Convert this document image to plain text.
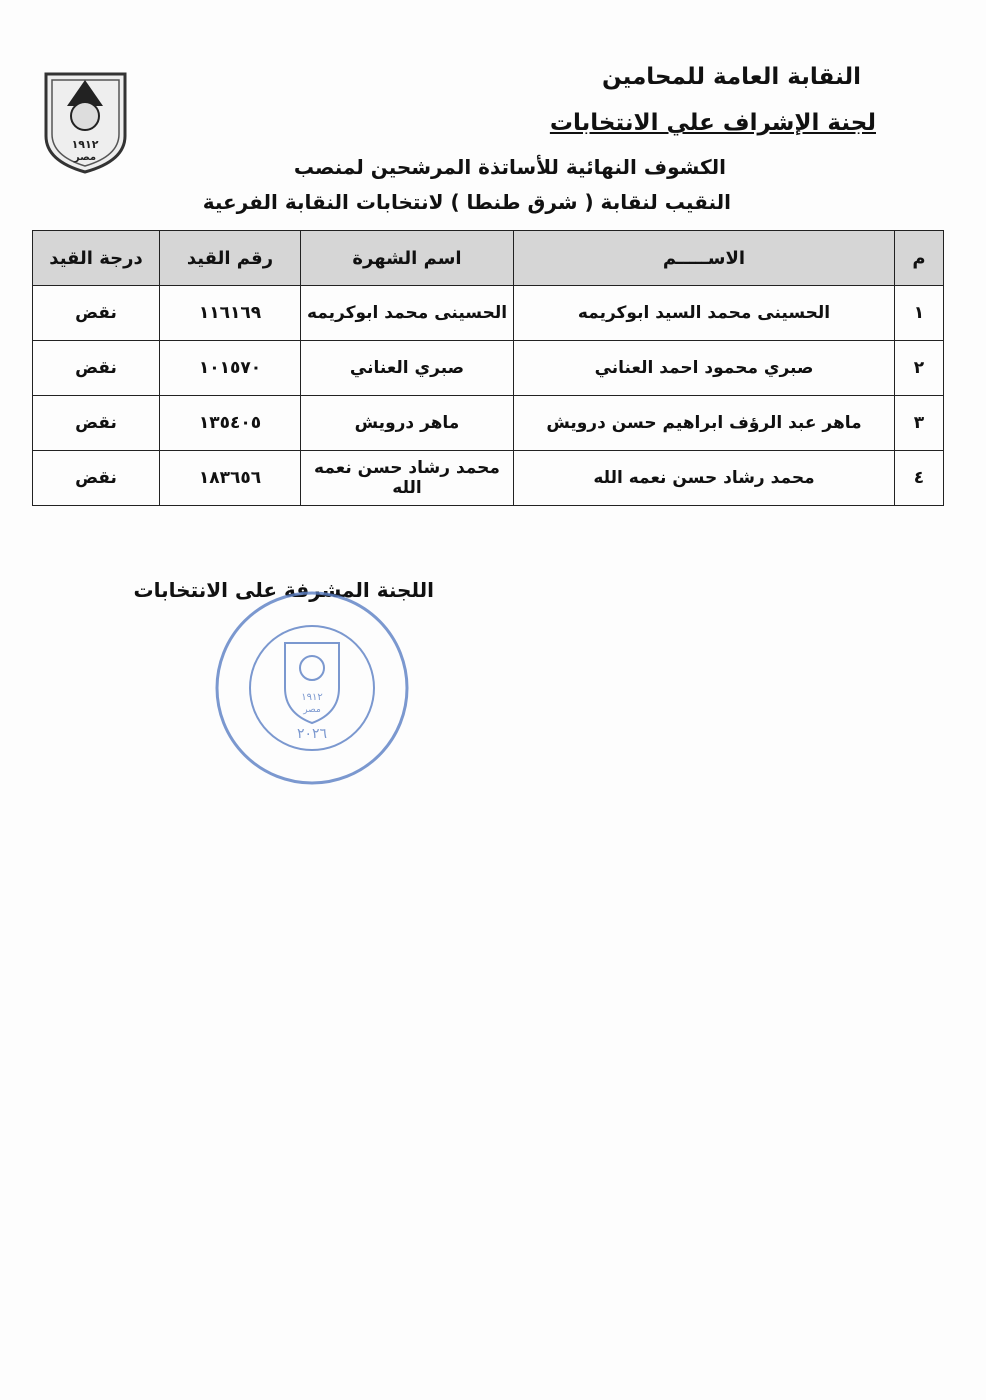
١٩١٢
مصر
النقابة العامة للمحامين
لجنة الإشراف علي الانتخابات
الكشوف النهائية للأساتذة المرشحين لمنصب
النقيب لنقابة ( شرق طنطا ) لانتخابات النقابة الفرعية
م	الاســـــم	اسم الشهرة	رقم القيد	درجة القيد
١	الحسينى محمد السيد ابوكريمه	الحسينى محمد ابوكريمه	١١٦١٦٩	نقض
٢	صبري محمود احمد العناني	صبري العناني	١٠١٥٧٠	نقض
٣	ماهر عبد الرؤف ابراهيم حسن درويش	ماهر درويش	١٣٥٤٠٥	نقض
٤	محمد رشاد حسن نعمه الله	محمد رشاد حسن نعمه الله	١٨٣٦٥٦	نقض
اللجنة المشرفة على الانتخابات
١٩١٢
مصر
٢٠٢٦
